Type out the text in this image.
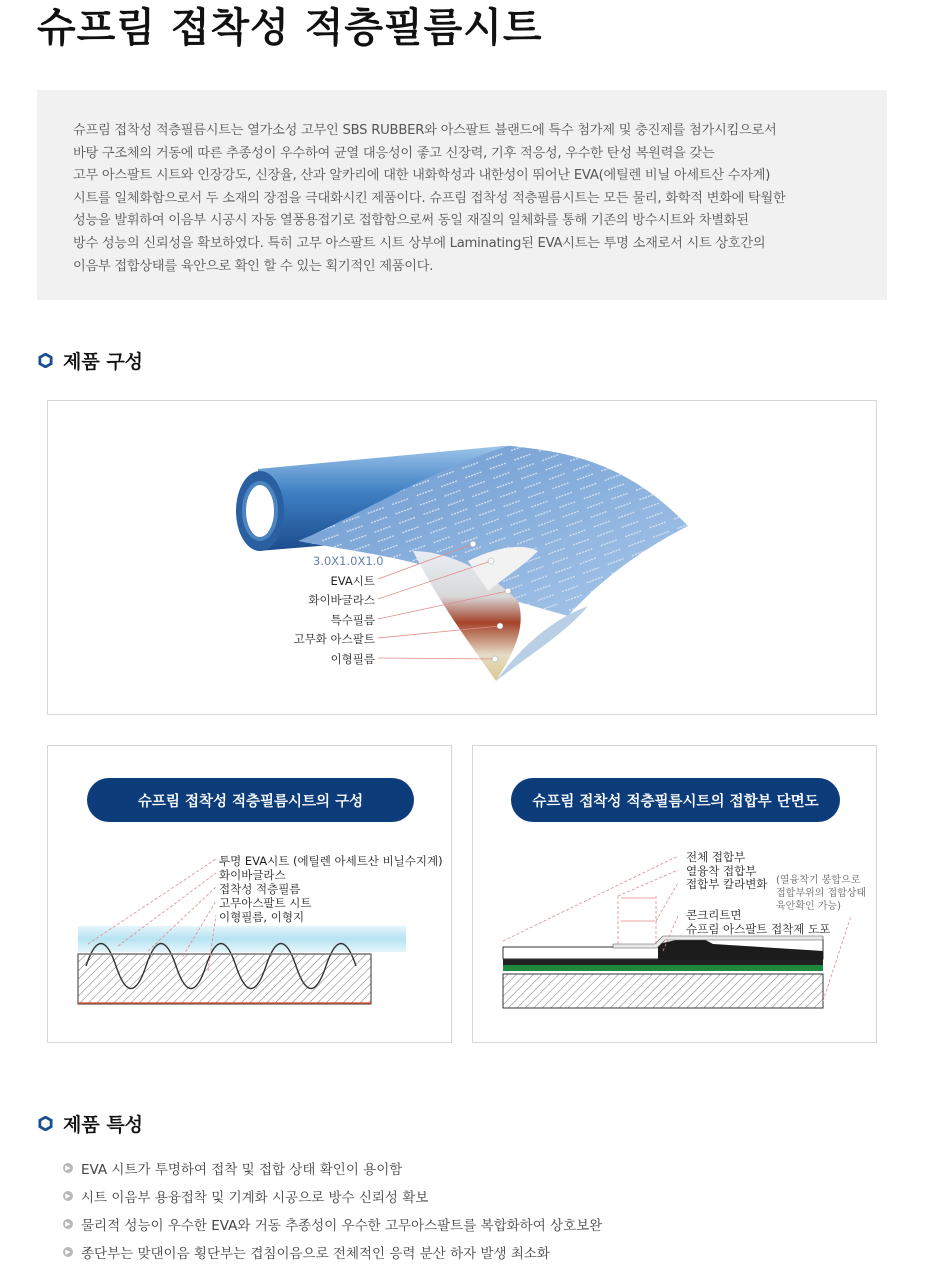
슈프림 접착성 적층필름시트

슈프림 접착성 적층필름시트는 열가소성 고무인 SBS RUBBER와 아스팔트 블랜드에 특수 첨가제 및 충진제를 첨가시킴으로서

바탕 구조체의 거동에 따른 추종성이 우수하여 균열 대응성이 좋고 신장력, 기후 적응성, 우수한 탄성 복원력을 갖는

고무 아스팔트 시트와 인장강도, 신장율, 산과 알카리에 대한 내화학성과 내한성이 뛰어난 EVA(에틸렌 비닐 아세트산 수자계)

시트를 일체화함으로서 두 소재의 장점을 극대화시킨 제품이다. 슈프림 접착성 적층필름시트는 모든 물리, 화학적 변화에 탁월한

성능을 발휘하여 이음부 시공시 자동 열풍용접기로 접합함으로써 동일 재질의 일체화를 통해 기존의 방수시트와 차별화된

방수 성능의 신뢰성을 확보하였다. 특히 고무 아스팔트 시트 상부에 Laminating된 EVA시트는 투명 소재로서 시트 상호간의

이음부 접합상태를 육안으로 확인 할 수 있는 획기적인 제품이다.

제품 구성
3.0X1.0X1.0
EVA시트
화이바글라스
특수필름
고무화 아스팔트
이형필름
슈프림 접착성 적층필름시트의 구성
투명 EVA시트 (에틸렌 아세트산 비닐수지계)
화이바글라스
접착성 적층필름
고무아스팔트 시트
이형필름, 이형지
슈프림 접착성 적층필름시트의 접합부 단면도
전체 접합부
열융착 접합부
접합부 칼라변화
콘크리트면
슈프림 아스팔트 접착제 도포
(열융착기 봉합으로
접합부위의 접합상태
육안확인 가능)
제품 특성
▶ EVA 시트가 투명하여 접착 및 접합 상태 확인이 용이함
▶ 시트 이음부 용융접착 및 기계화 시공으로 방수 신뢰성 확보
▶ 물리적 성능이 우수한 EVA와 거동 추종성이 우수한 고무아스팔트를 복합화하여 상호보완
▶ 종단부는 맞댄이음 횡단부는 겹침이음으로 전체적인 응력 분산 하자 발생 최소화
